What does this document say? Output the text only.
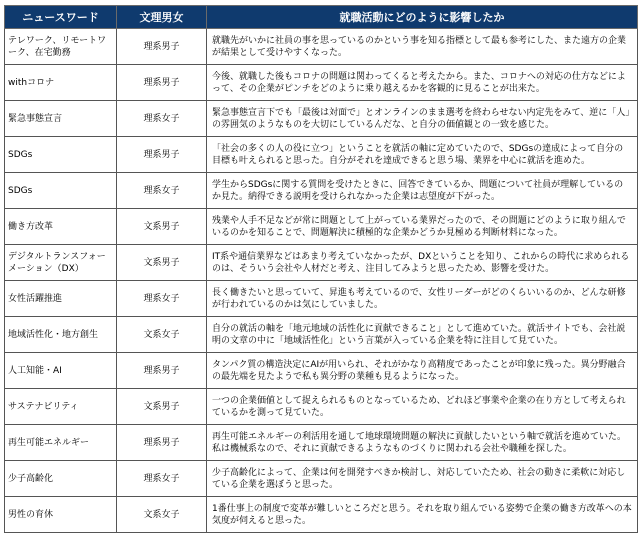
ニュースワード	文理男女	就職活動にどのように影響したか
テレワーク、リモートワーク、在宅勤務	理系男子	就職先がいかに社員の事を思っているのかという事を知る指標として最も参考にした、また遠方の企業が結果として受けやすくなった。
withコロナ	理系男子	今後、就職した後もコロナの問題は関わってくると考えたから。また、コロナへの対応の仕方などによって、その企業がピンチをどのように乗り越えるかを客観的に見ることが出来た。
緊急事態宣言	理系女子	緊急事態宣言下でも「最後は対面で」とオンラインのまま選考を終わらせない内定先をみて、逆に「人」の雰囲気のようなものを大切にしているんだな、と自分の価値観との一致を感じた。
SDGs	理系男子	「社会の多くの人の役に立つ」ということを就活の軸に定めていたので、SDGsの達成によって自分の目標も叶えられると思った。自分がそれを達成できると思う場、業界を中心に就活を進めた。
SDGs	理系女子	学生からSDGsに関する質問を受けたときに、回答できているか、問題について社員が理解しているのか見た。納得できる説明を受けられなかった企業は志望度が下がった。
働き方改革	文系男子	残業や人手不足などが常に問題として上がっている業界だったので、その問題にどのように取り組んでいるのかを知ることで、問題解決に積極的な企業かどうか見極める判断材料になった。
デジタルトランスフォーメーション（DX）	文系男子	IT系や通信業界などはあまり考えていなかったが、DXということを知り、これからの時代に求められるのは、そういう会社や人材だと考え、注目してみようと思ったため、影響を受けた。
女性活躍推進	理系女子	長く働きたいと思っていて、昇進も考えているので、女性リーダーがどのくらいいるのか、どんな研修が行われているのかは気にしていました。
地域活性化・地方創生	文系女子	自分の就活の軸を「地元地域の活性化に貢献できること」として進めていた。就活サイトでも、会社説明の文章の中に「地域活性化」という言葉が入っている企業を特に注目して見ていた。
人工知能・AI	理系男子	タンパク質の構造決定にAIが用いられ、それがかなり高精度であったことが印象に残った。異分野融合の最先端を見たようで私も異分野の業種も見るようになった。
サステナビリティ	文系男子	一つの企業価値として捉えられるものとなっているため、どれほど事業や企業の在り方として考えられているかを測って見ていた。
再生可能エネルギー	理系男子	再生可能エネルギーの利活用を通して地球環境問題の解決に貢献したいという軸で就活を進めていた。私は機械系なので、それに貢献できるようなものづくりに関われる会社や職種を探した。
少子高齢化	理系女子	少子高齢化によって、企業は何を開発すべきか検討し、対応していたため、社会の動きに柔軟に対応している企業を選ぼうと思った。
男性の育休	文系女子	1番仕事上の制度で変革が難しいところだと思う。それを取り組んでいる姿勢で企業の働き方改革への本気度が伺えると思った。
